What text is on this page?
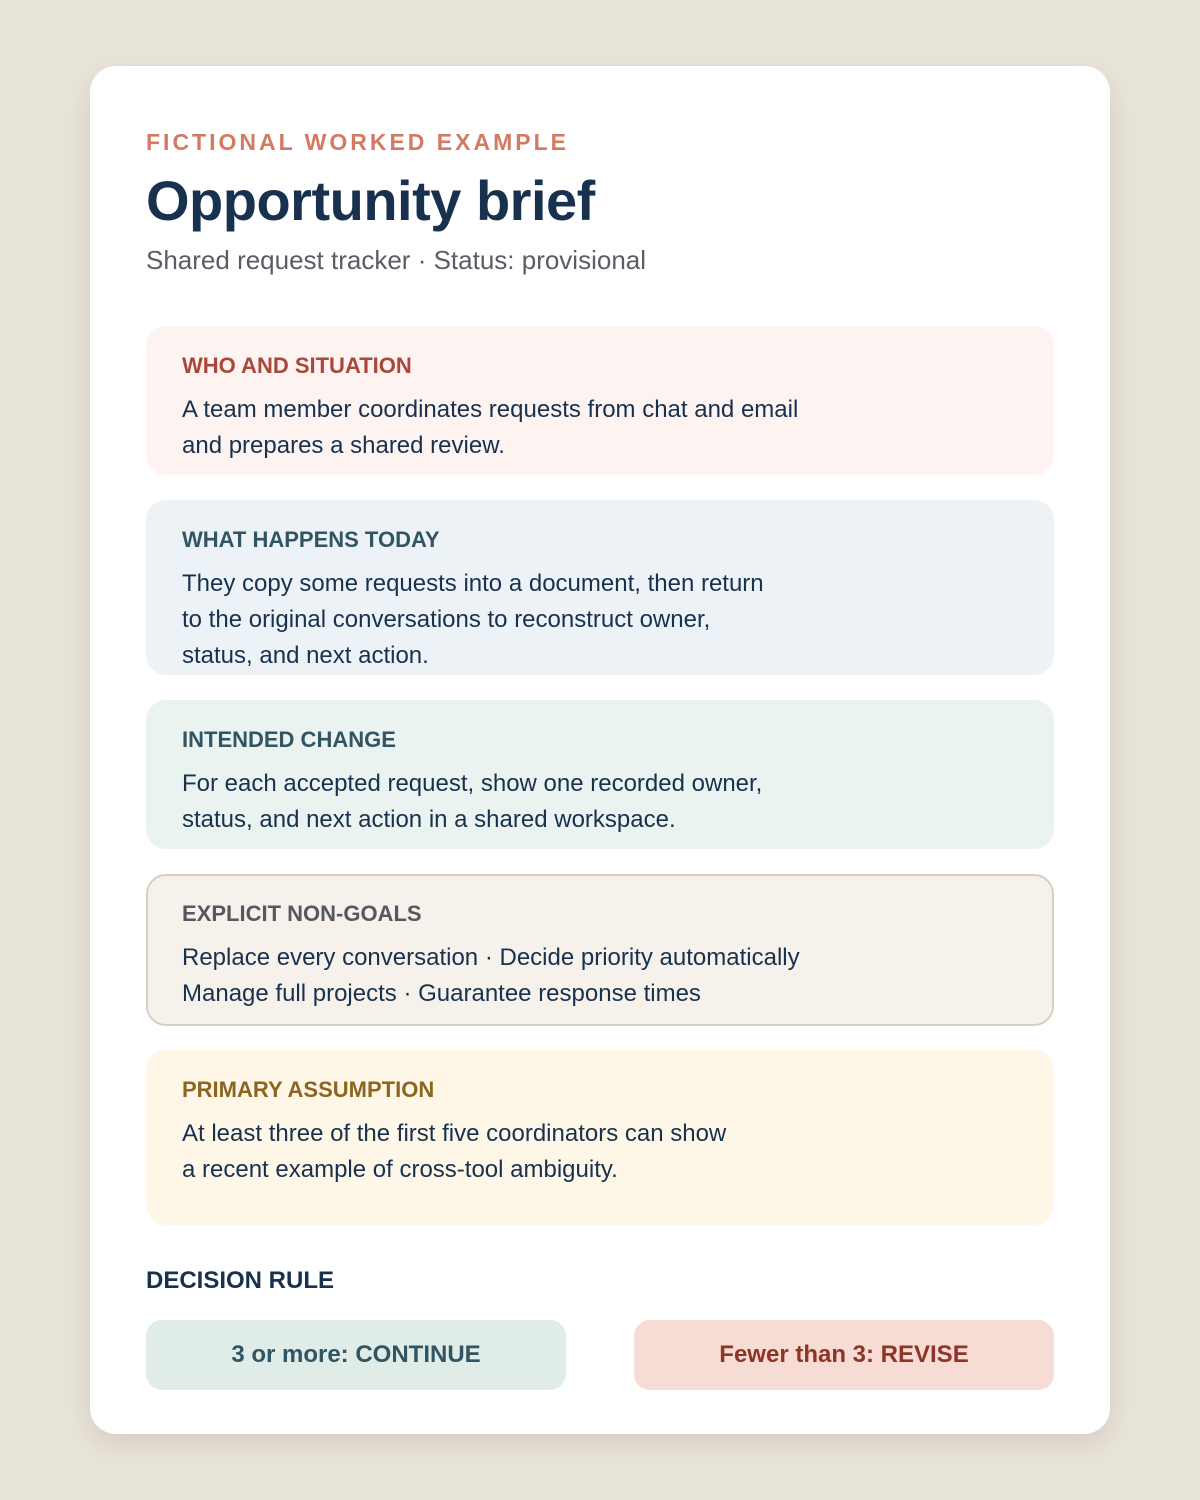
FICTIONAL WORKED EXAMPLE

Opportunity brief

Shared request tracker · Status: provisional

WHO AND SITUATION

A team member coordinates requests from chat and email
and prepares a shared review.

WHAT HAPPENS TODAY

They copy some requests into a document, then return
to the original conversations to reconstruct owner,
status, and next action.

INTENDED CHANGE

For each accepted request, show one recorded owner,
status, and next action in a shared workspace.

EXPLICIT NON-GOALS

Replace every conversation · Decide priority automatically
Manage full projects · Guarantee response times

PRIMARY ASSUMPTION

At least three of the first five coordinators can show
a recent example of cross-tool ambiguity.

DECISION RULE

3 or more: CONTINUE	Fewer than 3: REVISE
